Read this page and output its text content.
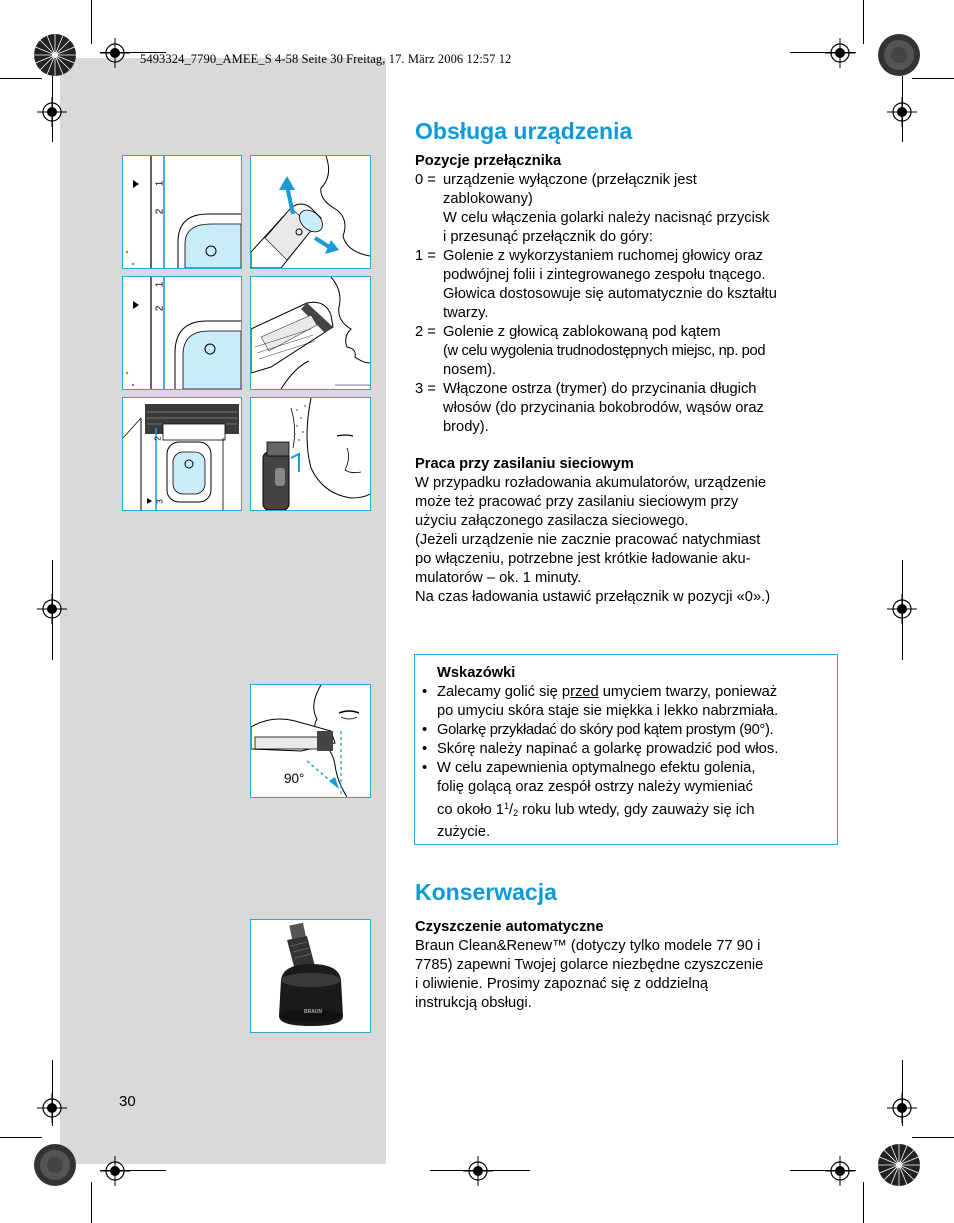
5493324_7790_AMEE_S 4-58 Seite 30 Freitag, 17. März 2006 12:57 12
1
2
1
2
2
3
90°
BRAUN
Obsługa urządzenia
Pozycje przełącznika
0 = urządzenie wyłączone (przełącznik jest
zablokowany)
W celu włączenia golarki należy nacisnąć przycisk
i przesunąć przełącznik do góry:
1 = Golenie z wykorzystaniem ruchomej głowicy oraz
podwójnej folii i zintegrowanego zespołu tnącego.
Głowica dostosowuje się automatycznie do kształtu
twarzy.
2 = Golenie z głowicą zablokowaną pod kątem
(w celu wygolenia trudnodostępnych miejsc, np. pod
nosem).
3 = Włączone ostrza (trymer) do przycinania długich
włosów (do przycinania bokobrodów, wąsów oraz
brody).
Praca przy zasilaniu sieciowym
W przypadku rozładowania akumulatorów, urządzenie
może też pracować przy zasilaniu sieciowym przy
użyciu załączonego zasilacza sieciowego.
(Jeżeli urządzenie nie zacznie pracować natychmiast
po włączeniu, potrzebne jest krótkie ładowanie aku-
mulatorów – ok. 1 minuty.
Na czas ładowania ustawić przełącznik w pozycji «0».)
Wskazówki
• Zalecamy golić się przed umyciem twarzy, ponieważ
po umyciu skóra staje sie miękka i lekko nabrzmiała.
• Golarkę przykładać do skóry pod kątem prostym (90°).
• Skórę należy napinać a golarkę prowadzić pod włos.
• W celu zapewnienia optymalnego efektu golenia,
folię golącą oraz zespół ostrzy należy wymieniać
co około $1^1/2$ roku lub wtedy, gdy zauważy się ich
zużycie.
Konserwacja
Czyszczenie automatyczne
Braun Clean&Renew™ (dotyczy tylko modele 77 90 i
7785) zapewni Twojej golarce niezbędne czyszczenie
i oliwienie. Prosimy zapoznać się z oddzielną
instrukcją obsługi.
30
